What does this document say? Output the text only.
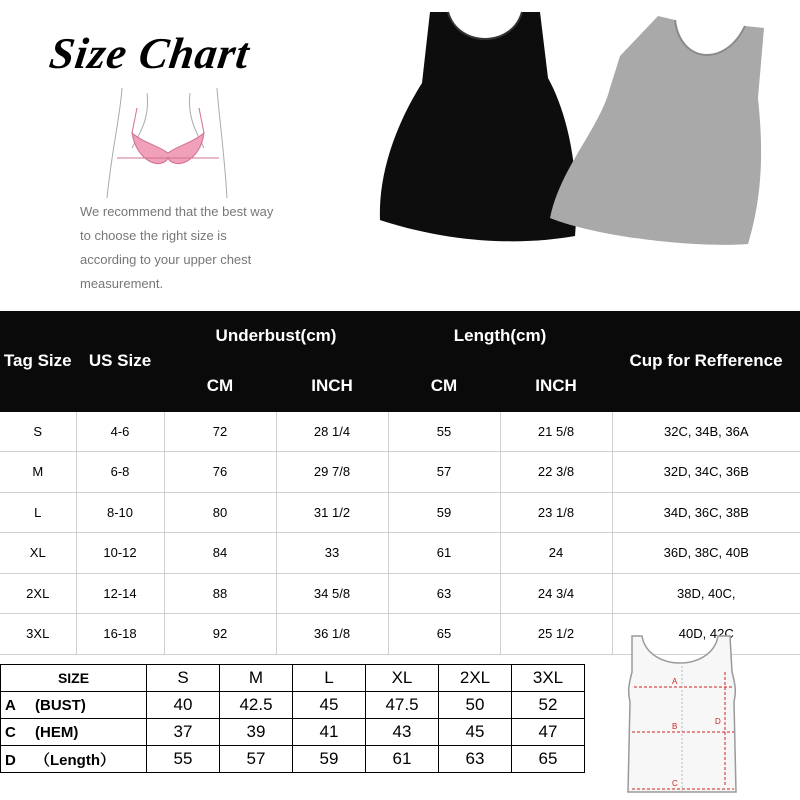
Size Chart
We recommend that the best way to choose the right size is according to your upper chest measurement.
Tag Size	US Size	Underbust(cm)		Length(cm)		Cup for Refference
		CM	INCH	CM	INCH	
S	4-6	72	28 1/4	55	21 5/8	32C, 34B, 36A
M	6-8	76	29 7/8	57	22 3/8	32D, 34C, 36B
L	8-10	80	31 1/2	59	23 1/8	34D, 36C, 38B
XL	10-12	84	33	61	24	36D, 38C, 40B
2XL	12-14	88	34 5/8	63	24 3/4	38D, 40C,
3XL	16-18	92	36 1/8	65	25 1/2	40D, 42C
SIZE	S	M	L	XL	2XL	3XL
A (BUST)	40	42.5	45	47.5	50	52
C (HEM)	37	39	41	43	45	47
D （Length）	55	57	59	61	63	65
A
B
C
D
